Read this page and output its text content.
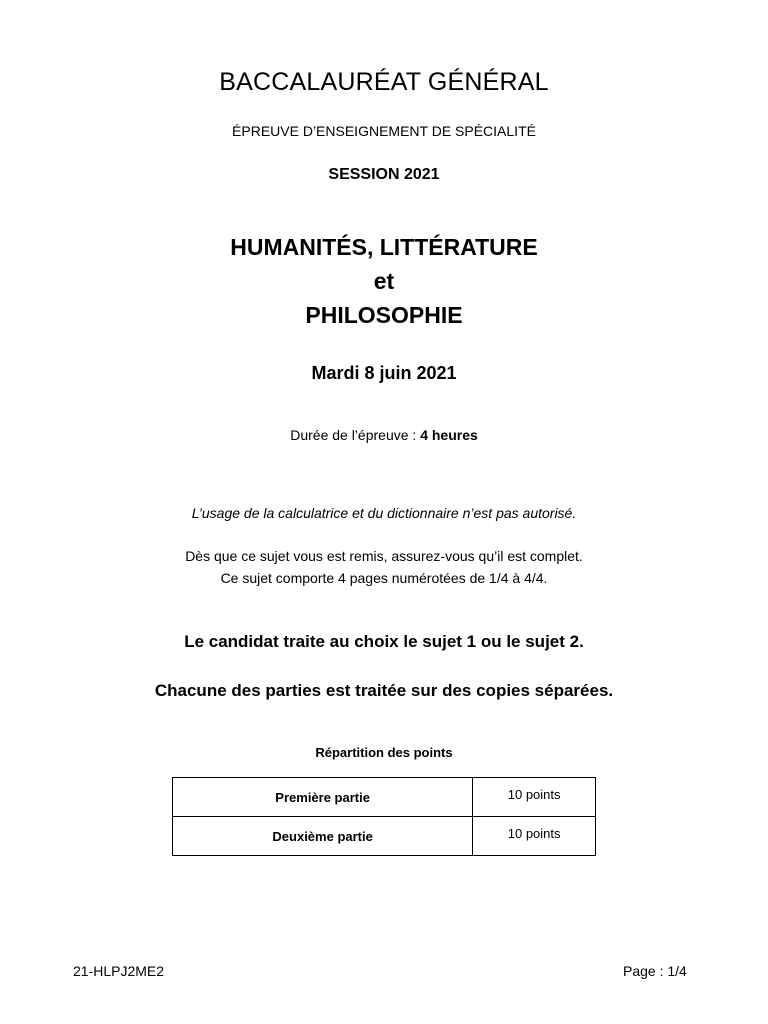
BACCALAURÉAT GÉNÉRAL
ÉPREUVE D’ENSEIGNEMENT DE SPÉCIALITÉ
SESSION 2021
HUMANITÉS, LITTÉRATURE
et
PHILOSOPHIE
Mardi 8 juin 2021
Durée de l’épreuve : 4 heures
L’usage de la calculatrice et du dictionnaire n’est pas autorisé.
Dès que ce sujet vous est remis, assurez-vous qu’il est complet.
Ce sujet comporte 4 pages numérotées de 1/4 à 4/4.
Le candidat traite au choix le sujet 1 ou le sujet 2.
Chacune des parties est traitée sur des copies séparées.
Répartition des points
Première partie	10 points
Deuxième partie	10 points
21-HLPJ2ME2	Page : 1/4
